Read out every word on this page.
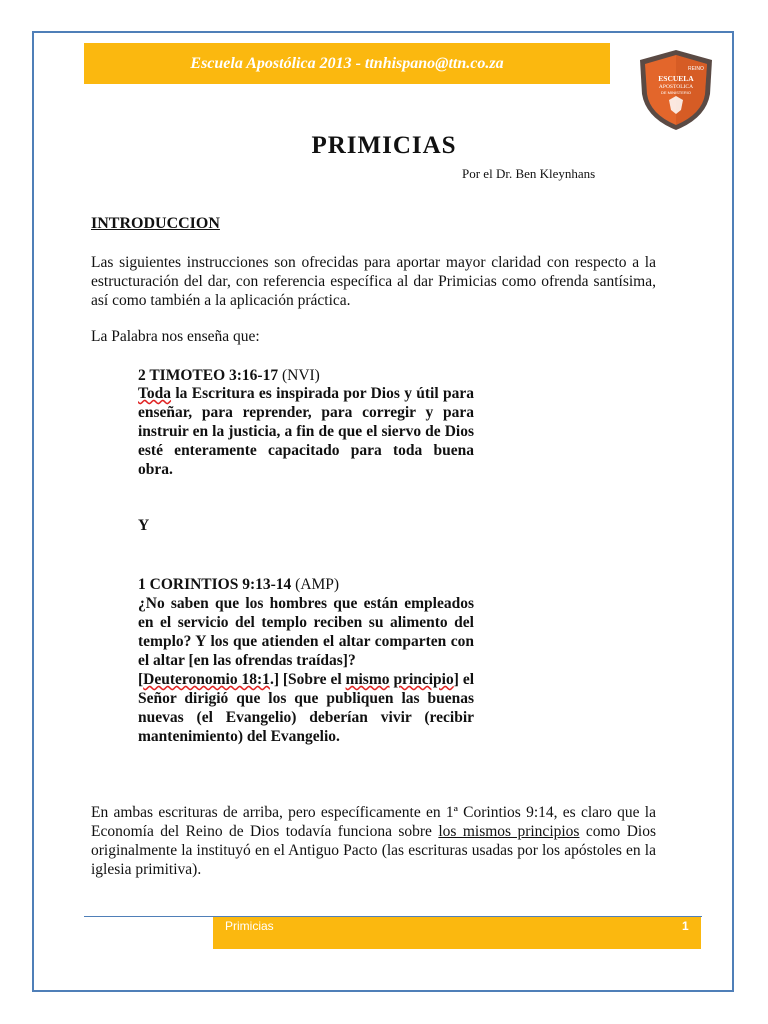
Escuela Apostólica 2013 - ttnhispano@ttn.co.za	REINO
ESCUELA
APOSTOLICA
DE MINISTERIO
PRIMICIAS
Por el Dr. Ben Kleynhans
INTRODUCCION

Las siguientes instrucciones son ofrecidas para aportar mayor claridad con respecto a la estructuración del dar, con referencia específica al dar Primicias como ofrenda santísima, así como también a la aplicación práctica.

La Palabra nos enseña que:

2 TIMOTEO 3:16-17 (NVI)
Toda la Escritura es inspirada por Dios y útil para enseñar, para reprender, para corregir y para instruir en la justicia, a fin de que el siervo de Dios esté enteramente capacitado para toda buena obra.
Y
1 CORINTIOS 9:13-14 (AMP)
¿No saben que los hombres que están empleados en el servicio del templo reciben su alimento del templo? Y los que atienden el altar comparten con el altar [en las ofrendas traídas]?
[Deuteronomio 18:1.] [Sobre el mismo principio] el Señor dirigió que los que publiquen las buenas nuevas (el Evangelio) deberían vivir (recibir mantenimiento) del Evangelio.

En ambas escrituras de arriba, pero específicamente en 1ª Corintios 9:14, es claro que la Economía del Reino de Dios todavía funciona sobre los mismos principios como Dios originalmente la instituyó en el Antiguo Pacto (las escrituras usadas por los apóstoles en la iglesia primitiva).

Primicias	1
